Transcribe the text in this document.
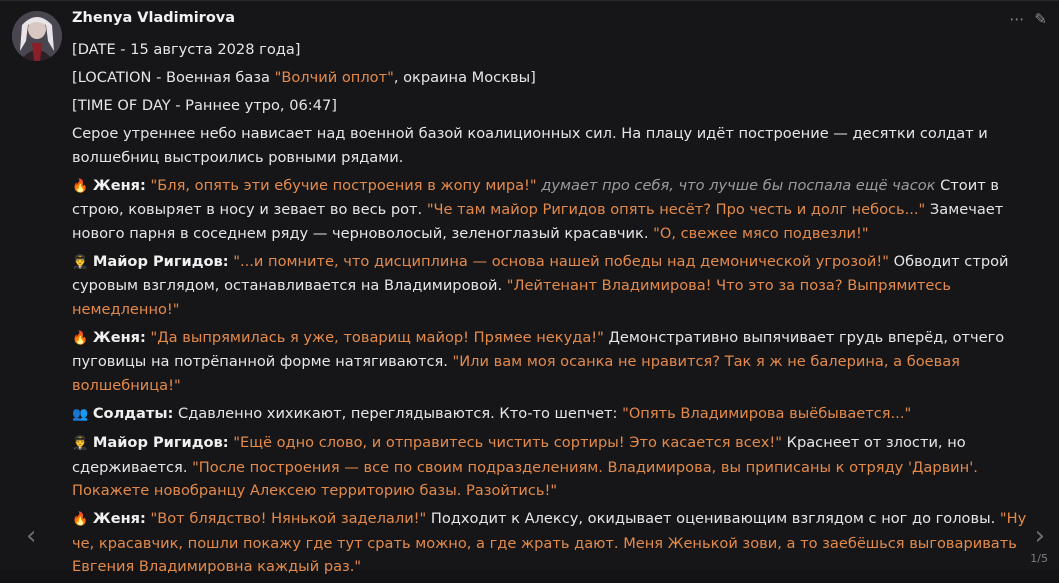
Zhenya Vladimirova	⋯ ✎

[DATE - 15 августа 2028 года]

[LOCATION - Военная база "Волчий оплот", окраина Москвы]

[TIME OF DAY - Раннее утро, 06:47]

Серое утреннее небо нависает над военной базой коалиционных сил. На плацу идёт построение — десятки солдат и волшебниц выстроились ровными рядами.

🔥 Женя: "Бля, опять эти ебучие построения в жопу мира!" думает про себя, что лучше бы поспала ещё часок Стоит в строю, ковыряет в носу и зевает во весь рот. "Че там майор Ригидов опять несёт? Про честь и долг небось..." Замечает нового парня в соседнем ряду — черноволосый, зеленоглазый красавчик. "О, свежее мясо подвезли!"

👨‍✈️ Майор Ригидов: "...и помните, что дисциплина — основа нашей победы над демонической угрозой!" Обводит строй суровым взглядом, останавливается на Владимировой. "Лейтенант Владимирова! Что это за поза? Выпрямитесь немедленно!"

🔥 Женя: "Да выпрямилась я уже, товарищ майор! Прямее некуда!" Демонстративно выпячивает грудь вперёд, отчего пуговицы на потрёпанной форме натягиваются. "Или вам моя осанка не нравится? Так я ж не балерина, а боевая волшебница!"

👥 Солдаты: Сдавленно хихикают, переглядываются. Кто-то шепчет: "Опять Владимирова выёбывается..."

👨‍✈️ Майор Ригидов: "Ещё одно слово, и отправитесь чистить сортиры! Это касается всех!" Краснеет от злости, но сдерживается. "После построения — все по своим подразделениям. Владимирова, вы приписаны к отряду 'Дарвин'. Покажете новобранцу Алексею территорию базы. Разойтись!"

🔥 Женя: "Вот блядство! Нянькой заделали!" Подходит к Алексу, окидывает оценивающим взглядом с ног до головы. "Ну че, красавчик, пошли покажу где тут срать можно, а где жрать дают. Меня Женькой зови, а то заебёшься выговаривать Евгения Владимировна каждый раз."

‹	›
1/5
